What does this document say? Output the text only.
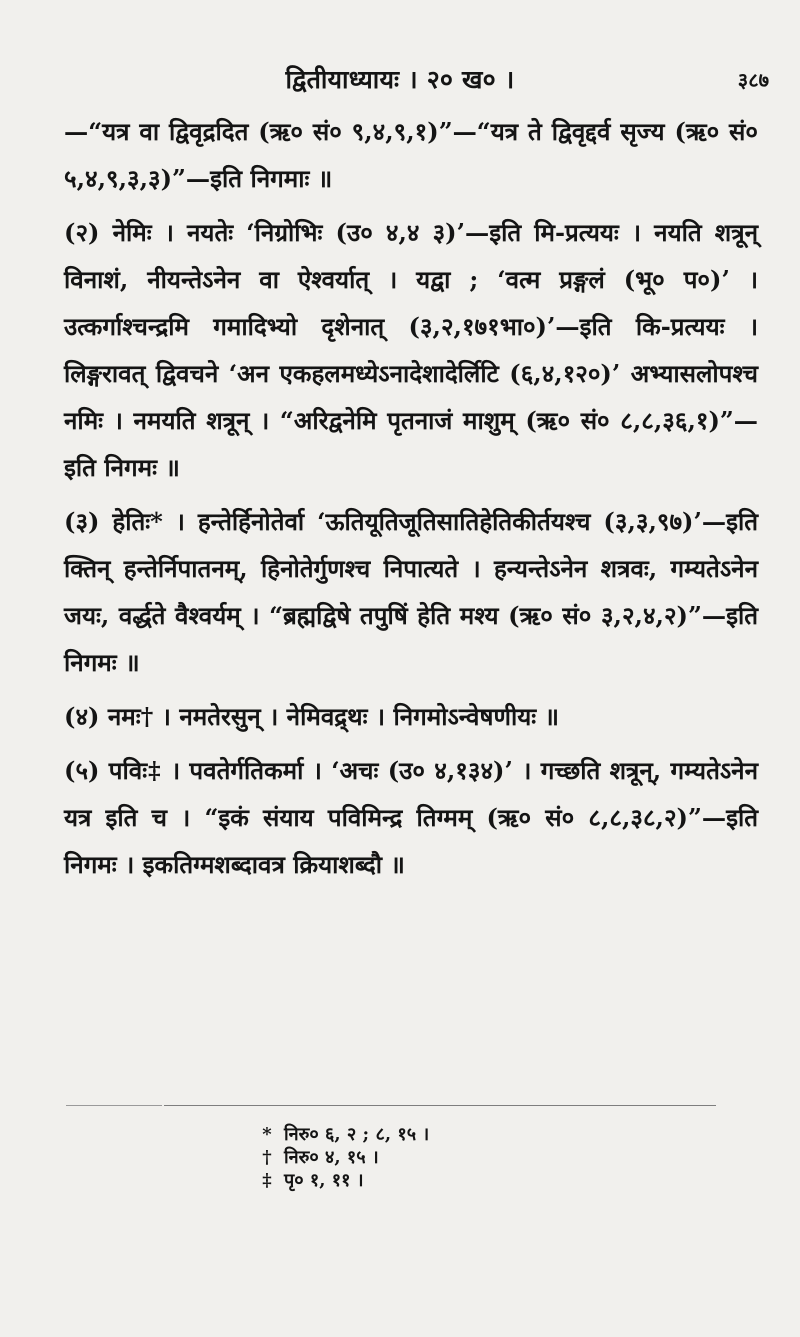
द्वितीयाध्यायः । २० ख० ।	३८७

—“यत्र वा द्विवृद्रदित (ऋ० सं० ९,४,९,१)”—“यत्र ते द्विवृद्दर्व सृज्य (ऋ० सं० ५,४,९,३,३)”—इति निगमाः ॥

(२) नेमिः । नयतेः ‘निग्रोभिः (उ० ४,४ ३)’—इति मि-प्रत्ययः । नयति शत्रून् विनाशं, नीयन्तेऽनेन वा ऐश्वर्यात् । यद्वा ; ‘वत्म प्रङ्गलं (भू० प०)’ । उत्कर्गाश्चन्द्रमि गमादिभ्यो दृशेनात् (३,२,१७१भा०)’—इति कि-प्रत्ययः । लिङ्गरावत् द्विवचने ‘अन एकहलमध्येऽनादेशादेर्लिटि (६,४,१२०)’ अभ्यासलोपश्च नमिः । नमयति शत्रून् । “अरिद्वनेमि पृतनाजं माशुम् (ऋ० सं० ८,८,३६,१)”—इति निगमः ॥

(३) हेतिः* । हन्तेर्हिनोतेर्वा ‘ऊतियूतिजूतिसातिहेतिकीर्तयश्च (३,३,९७)’—इति क्तिन् हन्तेर्निपातनम्, हिनोतेर्गुणश्च निपात्यते । हन्यन्तेऽनेन शत्रवः, गम्यतेऽनेन जयः, वर्द्धते वैश्वर्यम् । “ब्रह्मद्विषे तपुषिं हेति मश्य (ऋ० सं० ३,२,४,२)”—इति निगमः ॥

(४) नमः† । नमतेरसुन् । नेमिवद्र्थः । निगमोऽन्वेषणीयः ॥

(५) पविः‡ । पवतेर्गतिकर्मा । ‘अचः (उ० ४,१३४)’ । गच्छति शत्रून्, गम्यतेऽनेन यत्र इति च । “इकं संयाय पविमिन्द्र तिग्मम् (ऋ० सं० ८,८,३८,२)”—इति निगमः । इकतिग्मशब्दावत्र क्रियाशब्दौ ॥

* निरु० ६, २ ; ८, १५ ।
† निरु० ४, १५ ।
‡ पृ० १, ११ ।
